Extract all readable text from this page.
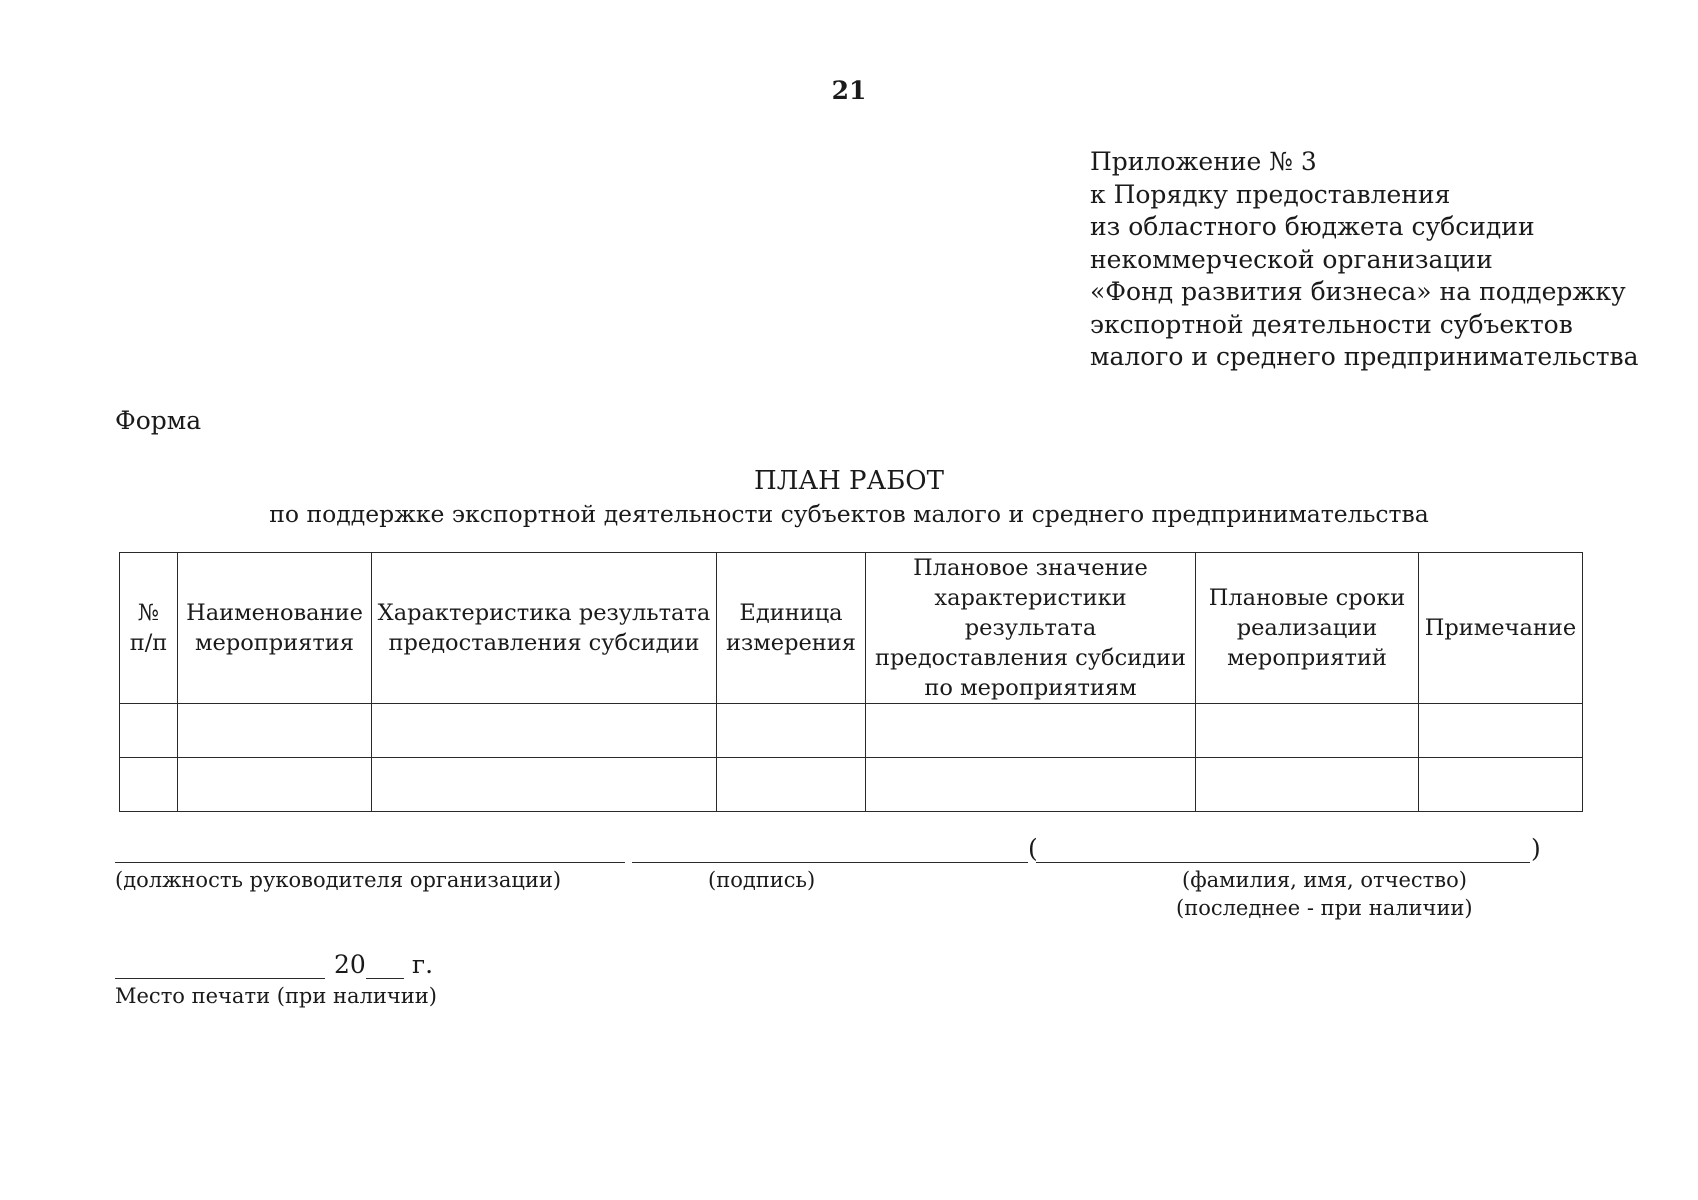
21
Приложение № 3
к Порядку предоставления
из областного бюджета субсидии
некоммерческой организации
«Фонд развития бизнеса» на поддержку
экспортной деятельности субъектов
малого и среднего предпринимательства
Форма
ПЛАН РАБОТ
по поддержке экспортной деятельности субъектов малого и среднего предпринимательства
№ п/п	Наименование мероприятия	Характеристика результата предоставления субсидии	Единица измерения	Плановое значение характеристики результата предоставления субсидии по мероприятиям	Плановые сроки реализации мероприятий	Примечание

(	)
(должность руководителя организации)	(подпись)	(фамилия, имя, отчество)
(последнее - при наличии)
20 г.
Место печати (при наличии)
